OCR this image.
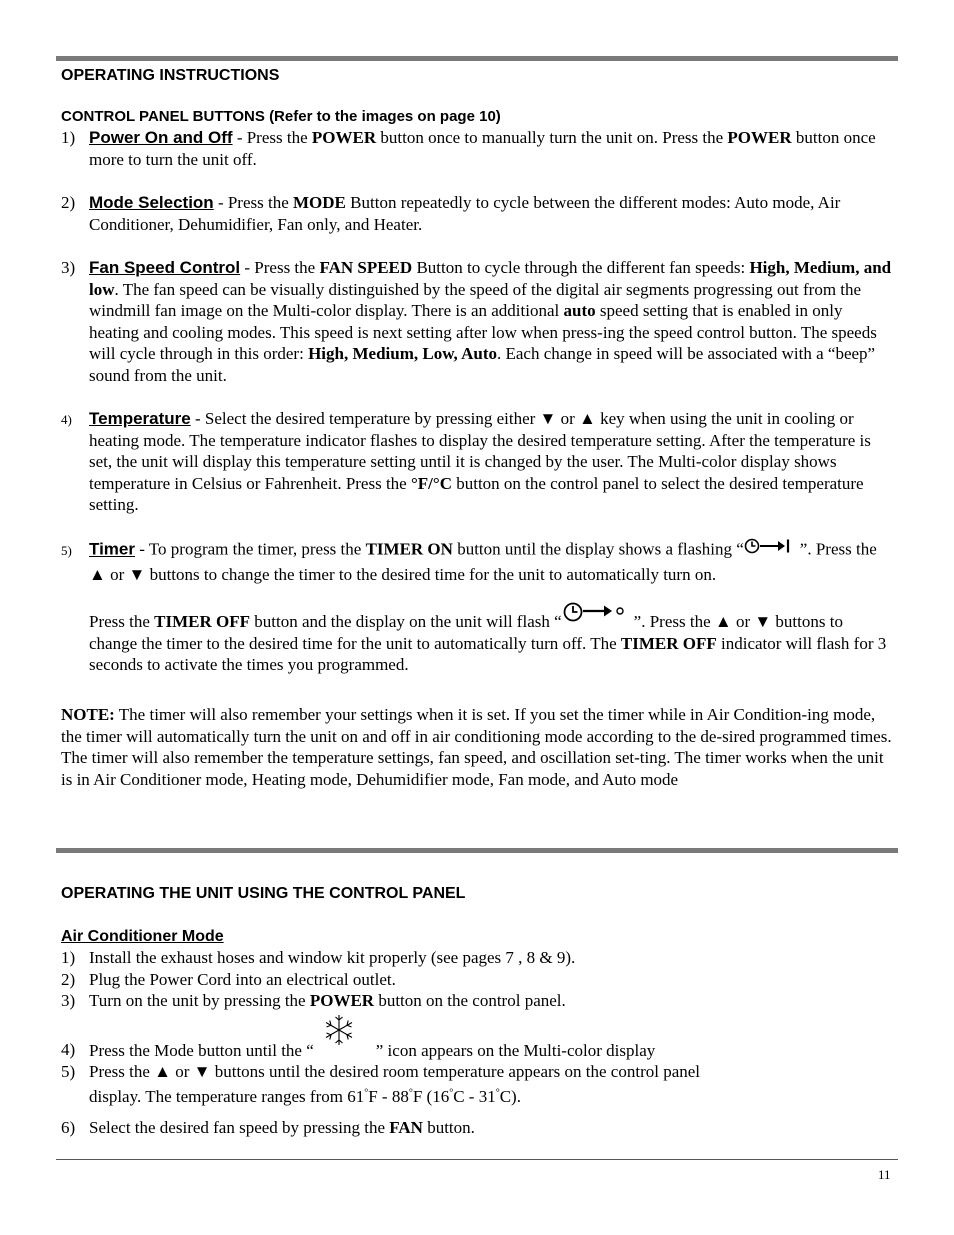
OPERATING INSTRUCTIONS
CONTROL PANEL BUTTONS (Refer to the images on page 10)
1) Power On and Off - Press the POWER button once to manually turn the unit on. Press the POWER button once more to turn the unit off.
2) Mode Selection - Press the MODE Button repeatedly to cycle between the different modes: Auto mode, Air Conditioner, Dehumidifier, Fan only, and Heater.
3) Fan Speed Control - Press the FAN SPEED Button to cycle through the different fan speeds: High, Medium, and low. The fan speed can be visually distinguished by the speed of the digital air segments progressing out from the windmill fan image on the Multi-color display. There is an additional auto speed setting that is enabled in only heating and cooling modes. This speed is next setting after low when press-ing the speed control button. The speeds will cycle through in this order: High, Medium, Low, Auto. Each change in speed will be associated with a “beep” sound from the unit.
4) Temperature - Select the desired temperature by pressing either ▼ or ▲ key when using the unit in cooling or heating mode. The temperature indicator flashes to display the desired temperature setting. After the temperature is set, the unit will display this temperature setting until it is changed by the user. The Multi-color display shows temperature in Celsius or Fahrenheit. Press the °F/°C button on the control panel to select the desired temperature setting.
5) Timer - To program the timer, press the TIMER ON button until the display shows a flashing “	”. Press the ▲ or ▼ buttons to change the timer to the desired time for the unit to automatically turn on.
Press the TIMER OFF button and the display on the unit will flash “	”. Press the ▲ or ▼ buttons to change the timer to the desired time for the unit to automatically turn off. The TIMER OFF indicator will flash for 3 seconds to activate the times you programmed.
NOTE: The timer will also remember your settings when it is set. If you set the timer while in Air Condition-ing mode, the timer will automatically turn the unit on and off in air conditioning mode according to the de-sired programmed times. The timer will also remember the temperature settings, fan speed, and oscillation set-ting. The timer works when the unit is in Air Conditioner mode, Heating mode, Dehumidifier mode, Fan mode, and Auto mode
OPERATING THE UNIT USING THE CONTROL PANEL
Air Conditioner Mode
1) Install the exhaust hoses and window kit properly (see pages 7 , 8 & 9).
2) Plug the Power Cord into an electrical outlet.
3) Turn on the unit by pressing the POWER button on the control panel.
4) Press the Mode button until the “	” icon appears on the Multi-color display
5) Press the ▲ or ▼ buttons until the desired room temperature appears on the control panel
display. The temperature ranges from 61°F - 88°F (16°C - 31°C).
6) Select the desired fan speed by pressing the FAN button.
11
